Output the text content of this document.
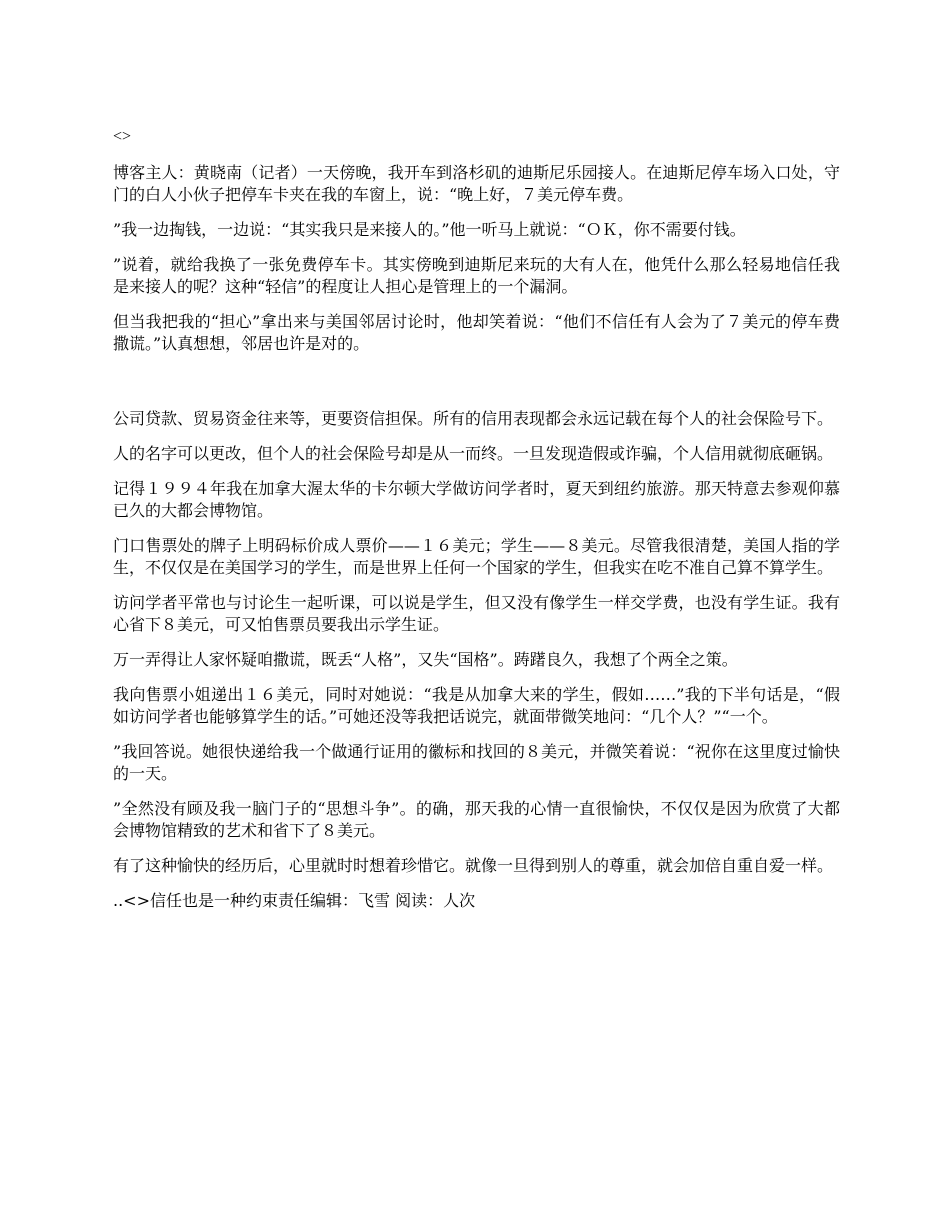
<>

博客主人：黄晓南（记者）一天傍晚，我开车到洛杉矶的迪斯尼乐园接人。在迪斯尼停车场入口处，守门的白人小伙子把停车卡夹在我的车窗上，说：“晚上好，７美元停车费。

”我一边掏钱，一边说：“其实我只是来接人的。”他一听马上就说：“ＯＫ，你不需要付钱。

”说着，就给我换了一张免费停车卡。其实傍晚到迪斯尼来玩的大有人在，他凭什么那么轻易地信任我是来接人的呢？这种“轻信”的程度让人担心是管理上的一个漏洞。

但当我把我的“担心”拿出来与美国邻居讨论时，他却笑着说：“他们不信任有人会为了７美元的停车费撒谎。”认真想想，邻居也许是对的。

公司贷款、贸易资金往来等，更要资信担保。所有的信用表现都会永远记载在每个人的社会保险号下。

人的名字可以更改，但个人的社会保险号却是从一而终。一旦发现造假或诈骗，个人信用就彻底砸锅。

记得１９９４年我在加拿大渥太华的卡尔顿大学做访问学者时，夏天到纽约旅游。那天特意去参观仰慕已久的大都会博物馆。

门口售票处的牌子上明码标价成人票价——１６美元；学生——８美元。尽管我很清楚，美国人指的学生，不仅仅是在美国学习的学生，而是世界上任何一个国家的学生，但我实在吃不准自己算不算学生。

访问学者平常也与讨论生一起听课，可以说是学生，但又没有像学生一样交学费，也没有学生证。我有心省下８美元，可又怕售票员要我出示学生证。

万一弄得让人家怀疑咱撒谎，既丢“人格”，又失“国格”。踌躇良久，我想了个两全之策。

我向售票小姐递出１６美元，同时对她说：“我是从加拿大来的学生，假如……”我的下半句话是，“假如访问学者也能够算学生的话。”可她还没等我把话说完，就面带微笑地问：“几个人？”“一个。

”我回答说。她很快递给我一个做通行证用的徽标和找回的８美元，并微笑着说：“祝你在这里度过愉快的一天。

”全然没有顾及我一脑门子的“思想斗争”。的确，那天我的心情一直很愉快，不仅仅是因为欣赏了大都会博物馆精致的艺术和省下了８美元。

有了这种愉快的经历后，心里就时时想着珍惜它。就像一旦得到别人的尊重，就会加倍自重自爱一样。

..<>信任也是一种约束责任编辑：飞雪 阅读：人次
